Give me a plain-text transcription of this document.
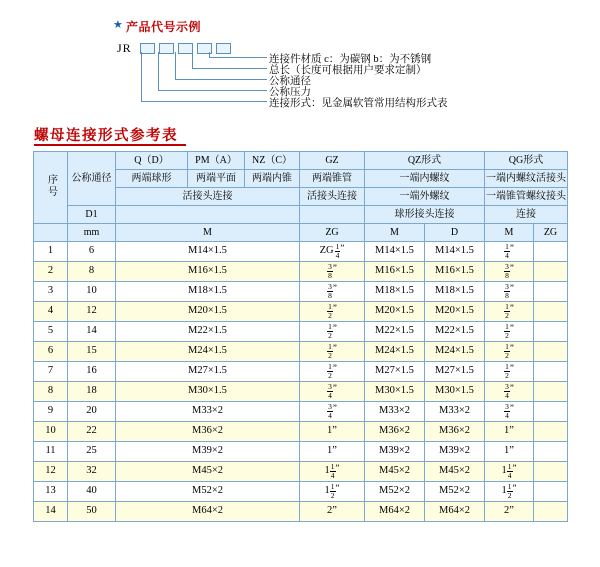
★ 产品代号示例
JR
连接件材质 c：为碳钢 b：为不锈钢
总长（长度可根据用户要求定制）
公称通径
公称压力
连接形式：见金属软管常用结构形式表
螺母连接形式参考表
序号	公称通径	Q（D）	PM（A）	NZ（C）	GZ	QZ形式		QG形式	
		两端球形	两端平面	两端内锥	两端锥管	一端内螺纹		一端内螺纹活接头	
		活接头连接			活接头连接	一端外螺纹		一端锥管螺纹接头	
	D1					球形接头连接		连接	
	mm	M			ZG	M	D	M	ZG
1	6	M14×1.5			ZG $\frac{1}{4}$ ”	M14×1.5	M14×1.5	$\frac{1}{4}$ ”	
2	8	M16×1.5			$\frac{3}{8}$ ”	M16×1.5	M16×1.5	$\frac{3}{8}$ ”	
3	10	M18×1.5			$\frac{3}{8}$ ”	M18×1.5	M18×1.5	$\frac{3}{8}$ ”	
4	12	M20×1.5			$\frac{1}{2}$ ”	M20×1.5	M20×1.5	$\frac{1}{2}$ ”	
5	14	M22×1.5			$\frac{1}{2}$ ”	M22×1.5	M22×1.5	$\frac{1}{2}$ ”	
6	15	M24×1.5			$\frac{1}{2}$ ”	M24×1.5	M24×1.5	$\frac{1}{2}$ ”	
7	16	M27×1.5			$\frac{1}{2}$ ”	M27×1.5	M27×1.5	$\frac{1}{2}$ ”	
8	18	M30×1.5			$\frac{3}{4}$ ”	M30×1.5	M30×1.5	$\frac{3}{4}$ ”	
9	20	M33×2			$\frac{3}{4}$ ”	M33×2	M33×2	$\frac{3}{4}$ ”	
10	22	M36×2			1”	M36×2	M36×2	1”	
11	25	M39×2			1”	M39×2	M39×2	1”	
12	32	M45×2			$1 \frac{1}{4}$ ”	M45×2	M45×2	$1 \frac{1}{4}$ ”	
13	40	M52×2			$1 \frac{1}{2}$ ”	M52×2	M52×2	$1 \frac{1}{2}$ ”	
14	50	M64×2			2”	M64×2	M64×2	2”	
